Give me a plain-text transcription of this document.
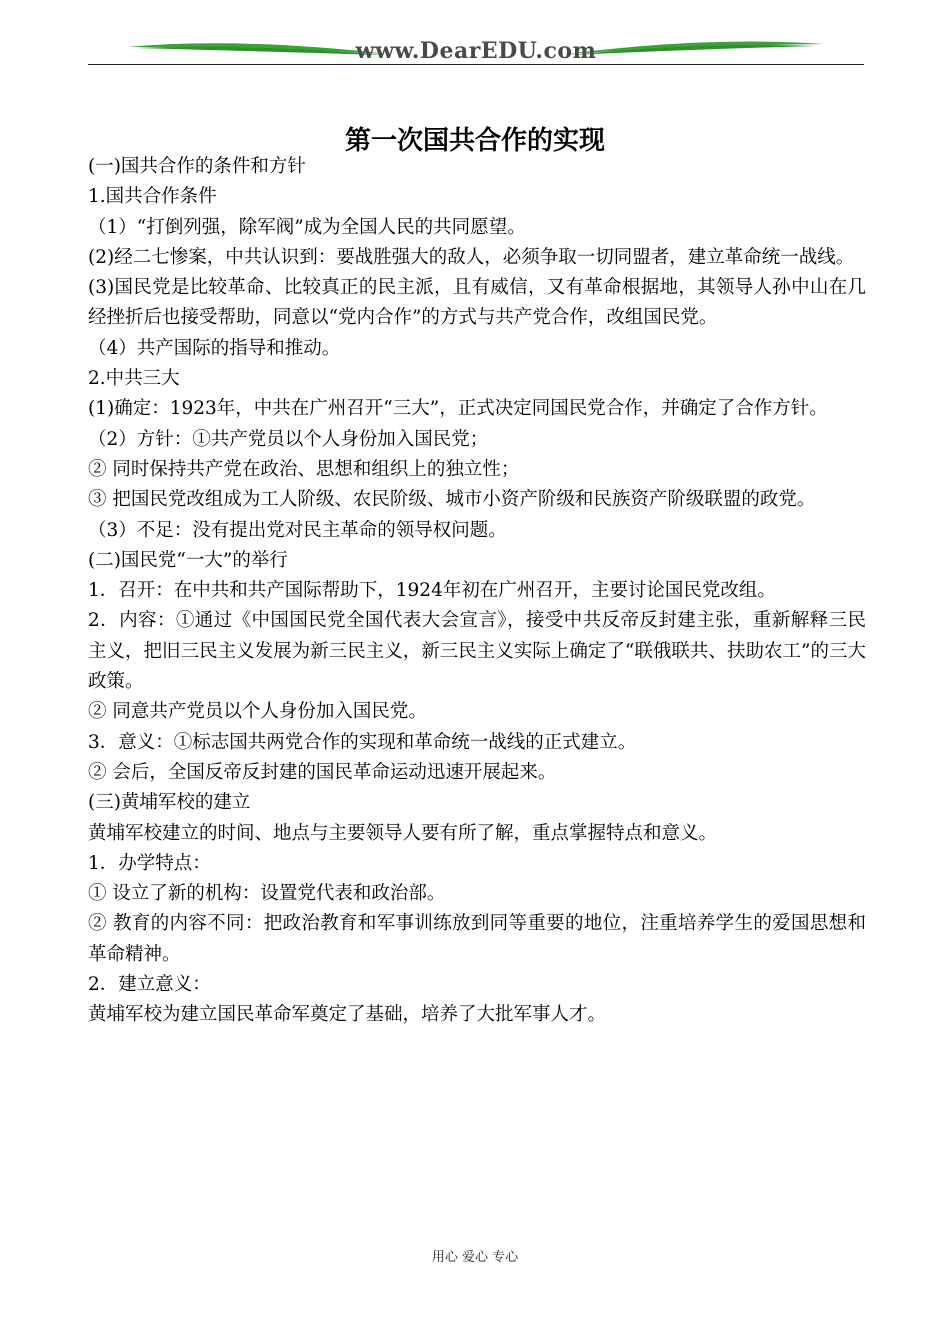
www.DearEDU.com
第一次国共合作的实现
(一)国共合作的条件和方针
1.国共合作条件
（1）“打倒列强，除军阀”成为全国人民的共同愿望。
(2)经二七惨案，中共认识到：要战胜强大的敌人，必须争取一切同盟者，建立革命统一战线。
(3)国民党是比较革命、比较真正的民主派，且有威信，又有革命根据地，其领导人孙中山在几经挫折后也接受帮助，同意以“党内合作”的方式与共产党合作，改组国民党。
（4）共产国际的指导和推动。
2.中共三大
(1)确定：1923年，中共在广州召开“三大”，正式决定同国民党合作，并确定了合作方针。
（2）方针：①共产党员以个人身份加入国民党；
② 同时保持共产党在政治、思想和组织上的独立性；
③ 把国民党改组成为工人阶级、农民阶级、城市小资产阶级和民族资产阶级联盟的政党。
（3）不足：没有提出党对民主革命的领导权问题。
(二)国民党“一大”的举行
1．召开：在中共和共产国际帮助下，1924年初在广州召开，主要讨论国民党改组。
2．内容：①通过《中国国民党全国代表大会宣言》，接受中共反帝反封建主张，重新解释三民主义，把旧三民主义发展为新三民主义，新三民主义实际上确定了“联俄联共、扶助农工”的三大政策。
② 同意共产党员以个人身份加入国民党。
3．意义：①标志国共两党合作的实现和革命统一战线的正式建立。
② 会后，全国反帝反封建的国民革命运动迅速开展起来。
(三)黄埔军校的建立
黄埔军校建立的时间、地点与主要领导人要有所了解，重点掌握特点和意义。
1．办学特点：
① 设立了新的机构：设置党代表和政治部。
② 教育的内容不同：把政治教育和军事训练放到同等重要的地位，注重培养学生的爱国思想和革命精神。
2．建立意义：
黄埔军校为建立国民革命军奠定了基础，培养了大批军事人才。
用心 爱心 专心
